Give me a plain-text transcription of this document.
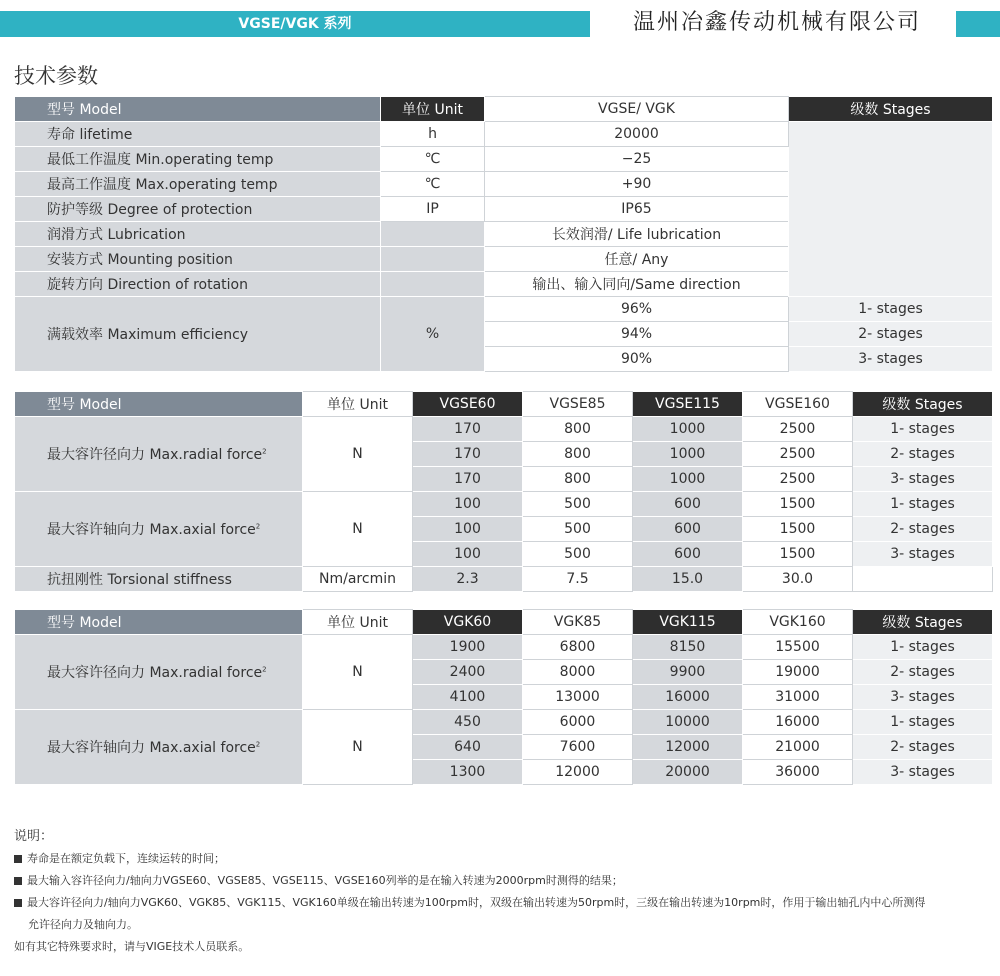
VGSE/VGK 系列	温州冶鑫传动机械有限公司
技术参数
型号 Model	单位 Unit	VGSE/ VGK	级数 Stages
寿命 lifetime	h	20000	
最低工作温度 Min.operating temp	℃	−25	
最高工作温度 Max.operating temp	℃	+90	
防护等级 Degree of protection	IP	IP65	
润滑方式 Lubrication		长效润滑/ Life lubrication	
安装方式 Mounting position		任意/ Any	
旋转方向 Direction of rotation		输出、输入同向/Same direction	
满载效率 Maximum efficiency	%	96%	1- stages
		94%	2- stages
		90%	3- stages
型号 Model	单位 Unit	VGSE60	VGSE85	VGSE115	VGSE160	级数 Stages
最大容许径向力 Max.radial force$^2$	N	170	800	1000	2500	1- stages
		170	800	1000	2500	2- stages
		170	800	1000	2500	3- stages
最大容许轴向力 Max.axial force$^2$	N	100	500	600	1500	1- stages
		100	500	600	1500	2- stages
		100	500	600	1500	3- stages
抗扭刚性 Torsional stiffness	Nm/arcmin	2.3	7.5	15.0	30.0	
型号 Model	单位 Unit	VGK60	VGK85	VGK115	VGK160	级数 Stages
最大容许径向力 Max.radial force$^2$	N	1900	6800	8150	15500	1- stages
		2400	8000	9900	19000	2- stages
		4100	13000	16000	31000	3- stages
最大容许轴向力 Max.axial force$^2$	N	450	6000	10000	16000	1- stages
		640	7600	12000	21000	2- stages
		1300	12000	20000	36000	3- stages
说明：
寿命是在额定负载下，连续运转的时间；
最大输入容许径向力/轴向力VGSE60、VGSE85、VGSE115、VGSE160列举的是在输入转速为2000rpm时测得的结果；
最大容许径向力/轴向力VGK60、VGK85、VGK115、VGK160单级在输出转速为100rpm时，双级在输出转速为50rpm时，三级在输出转速为10rpm时，作用于输出轴孔内中心所测得
允许径向力及轴向力。
如有其它特殊要求时，请与VIGE技术人员联系。
